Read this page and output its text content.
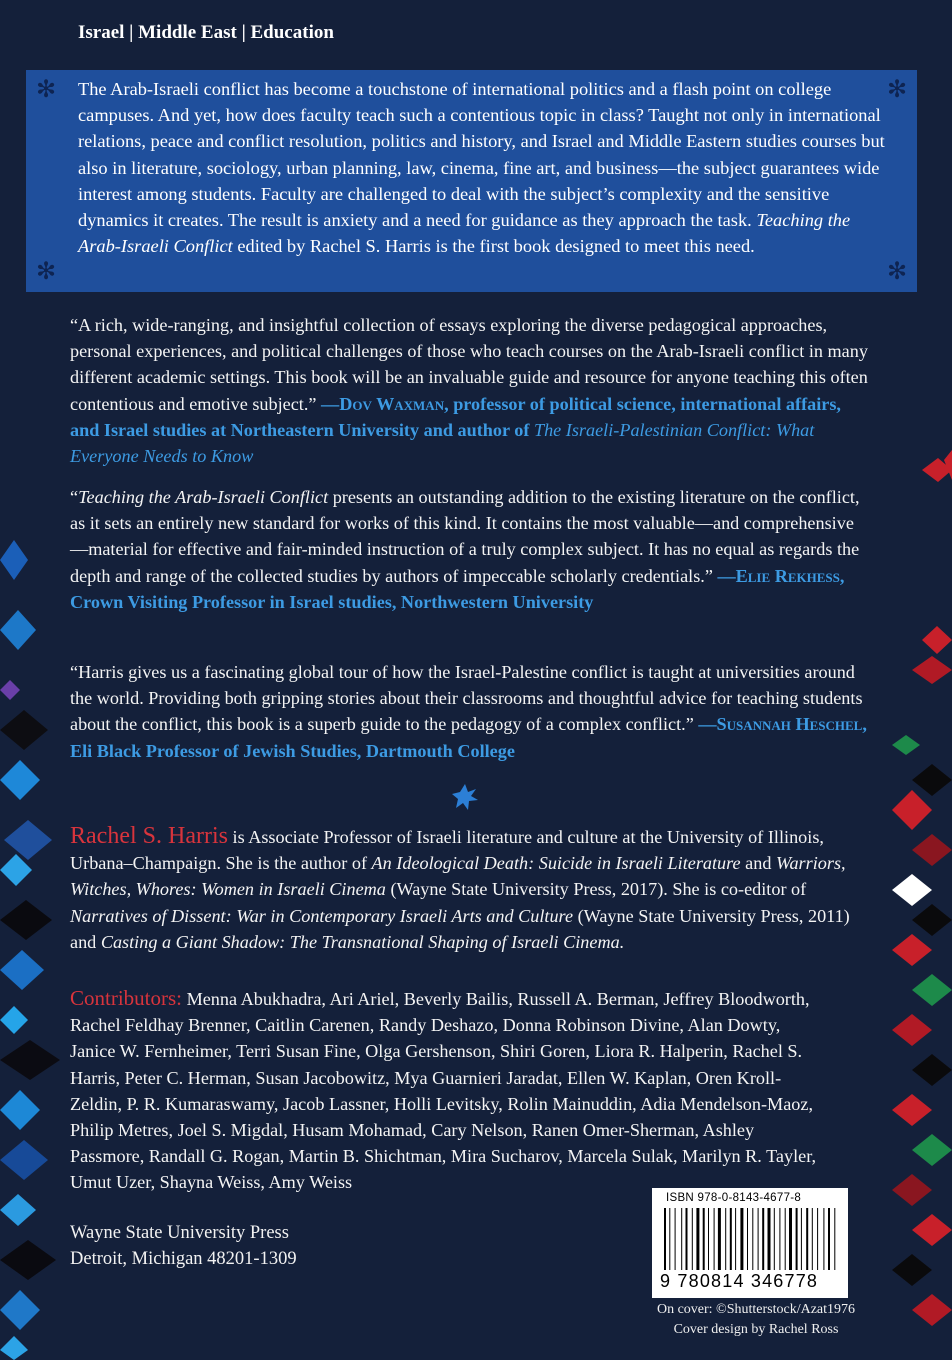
Israel | Middle East | Education
✻	✻
✻	✻

The Arab-Israeli conflict has become a touchstone of international politics and a flash point on college campuses. And yet, how does faculty teach such a contentious topic in class? Taught not only in international relations, peace and conflict resolution, politics and history, and Israel and Middle Eastern studies courses but also in literature, sociology, urban planning, law, cinema, fine art, and business—the subject guarantees wide interest among students. Faculty are challenged to deal with the subject’s complexity and the sensitive dynamics it creates. The result is anxiety and a need for guidance as they approach the task. Teaching the Arab-Israeli Conflict edited by Rachel S. Harris is the first book designed to meet this need.

“A rich, wide-ranging, and insightful collection of essays exploring the diverse pedagogical approaches, personal experiences, and political challenges of those who teach courses on the Arab-Israeli conflict in many different academic settings. This book will be an invaluable guide and resource for anyone teaching this often contentious and emotive subject.” —Dov Waxman, professor of political science, international affairs, and Israel studies at Northeastern University and author of The Israeli-Palestinian Conflict: What Everyone Needs to Know

“Teaching the Arab-Israeli Conflict presents an outstanding addition to the existing literature on the conflict, as it sets an entirely new standard for works of this kind. It contains the most valuable—and comprehensive—material for effective and fair-minded instruction of a truly complex subject. It has no equal as regards the depth and range of the collected studies by authors of impeccable scholarly credentials.” —Elie Rekhess, Crown Visiting Professor in Israel studies, Northwestern University

“Harris gives us a fascinating global tour of how the Israel-Palestine conflict is taught at universities around the world. Providing both gripping stories about their classrooms and thoughtful advice for teaching students about the conflict, this book is a superb guide to the pedagogy of a complex conflict.” —Susannah Heschel, Eli Black Professor of Jewish Studies, Dartmouth College

Rachel S. Harris is Associate Professor of Israeli literature and culture at the University of Illinois, Urbana–Champaign. She is the author of An Ideological Death: Suicide in Israeli Literature and Warriors, Witches, Whores: Women in Israeli Cinema (Wayne State University Press, 2017). She is co-editor of Narratives of Dissent: War in Contemporary Israeli Arts and Culture (Wayne State University Press, 2011) and Casting a Giant Shadow: The Transnational Shaping of Israeli Cinema.

Contributors: Menna Abukhadra, Ari Ariel, Beverly Bailis, Russell A. Berman, Jeffrey Bloodworth, Rachel Feldhay Brenner, Caitlin Carenen, Randy Deshazo, Donna Robinson Divine, Alan Dowty, Janice W. Fernheimer, Terri Susan Fine, Olga Gershenson, Shiri Goren, Liora R. Halperin, Rachel S. Harris, Peter C. Herman, Susan Jacobowitz, Mya Guarnieri Jaradat, Ellen W. Kaplan, Oren Kroll-Zeldin, P. R. Kumaraswamy, Jacob Lassner, Holli Levitsky, Rolin Mainuddin, Adia Mendelson-Maoz, Philip Metres, Joel S. Migdal, Husam Mohamad, Cary Nelson, Ranen Omer-Sherman, Ashley Passmore, Randall G. Rogan, Martin B. Shichtman, Mira Sucharov, Marcela Sulak, Marilyn R. Tayler, Umut Uzer, Shayna Weiss, Amy Weiss

Wayne State University Press
Detroit, Michigan 48201-1309
ISBN 978-0-8143-4677-8
9 780814 346778
On cover: ©Shutterstock/Azat1976
Cover design by Rachel Ross
